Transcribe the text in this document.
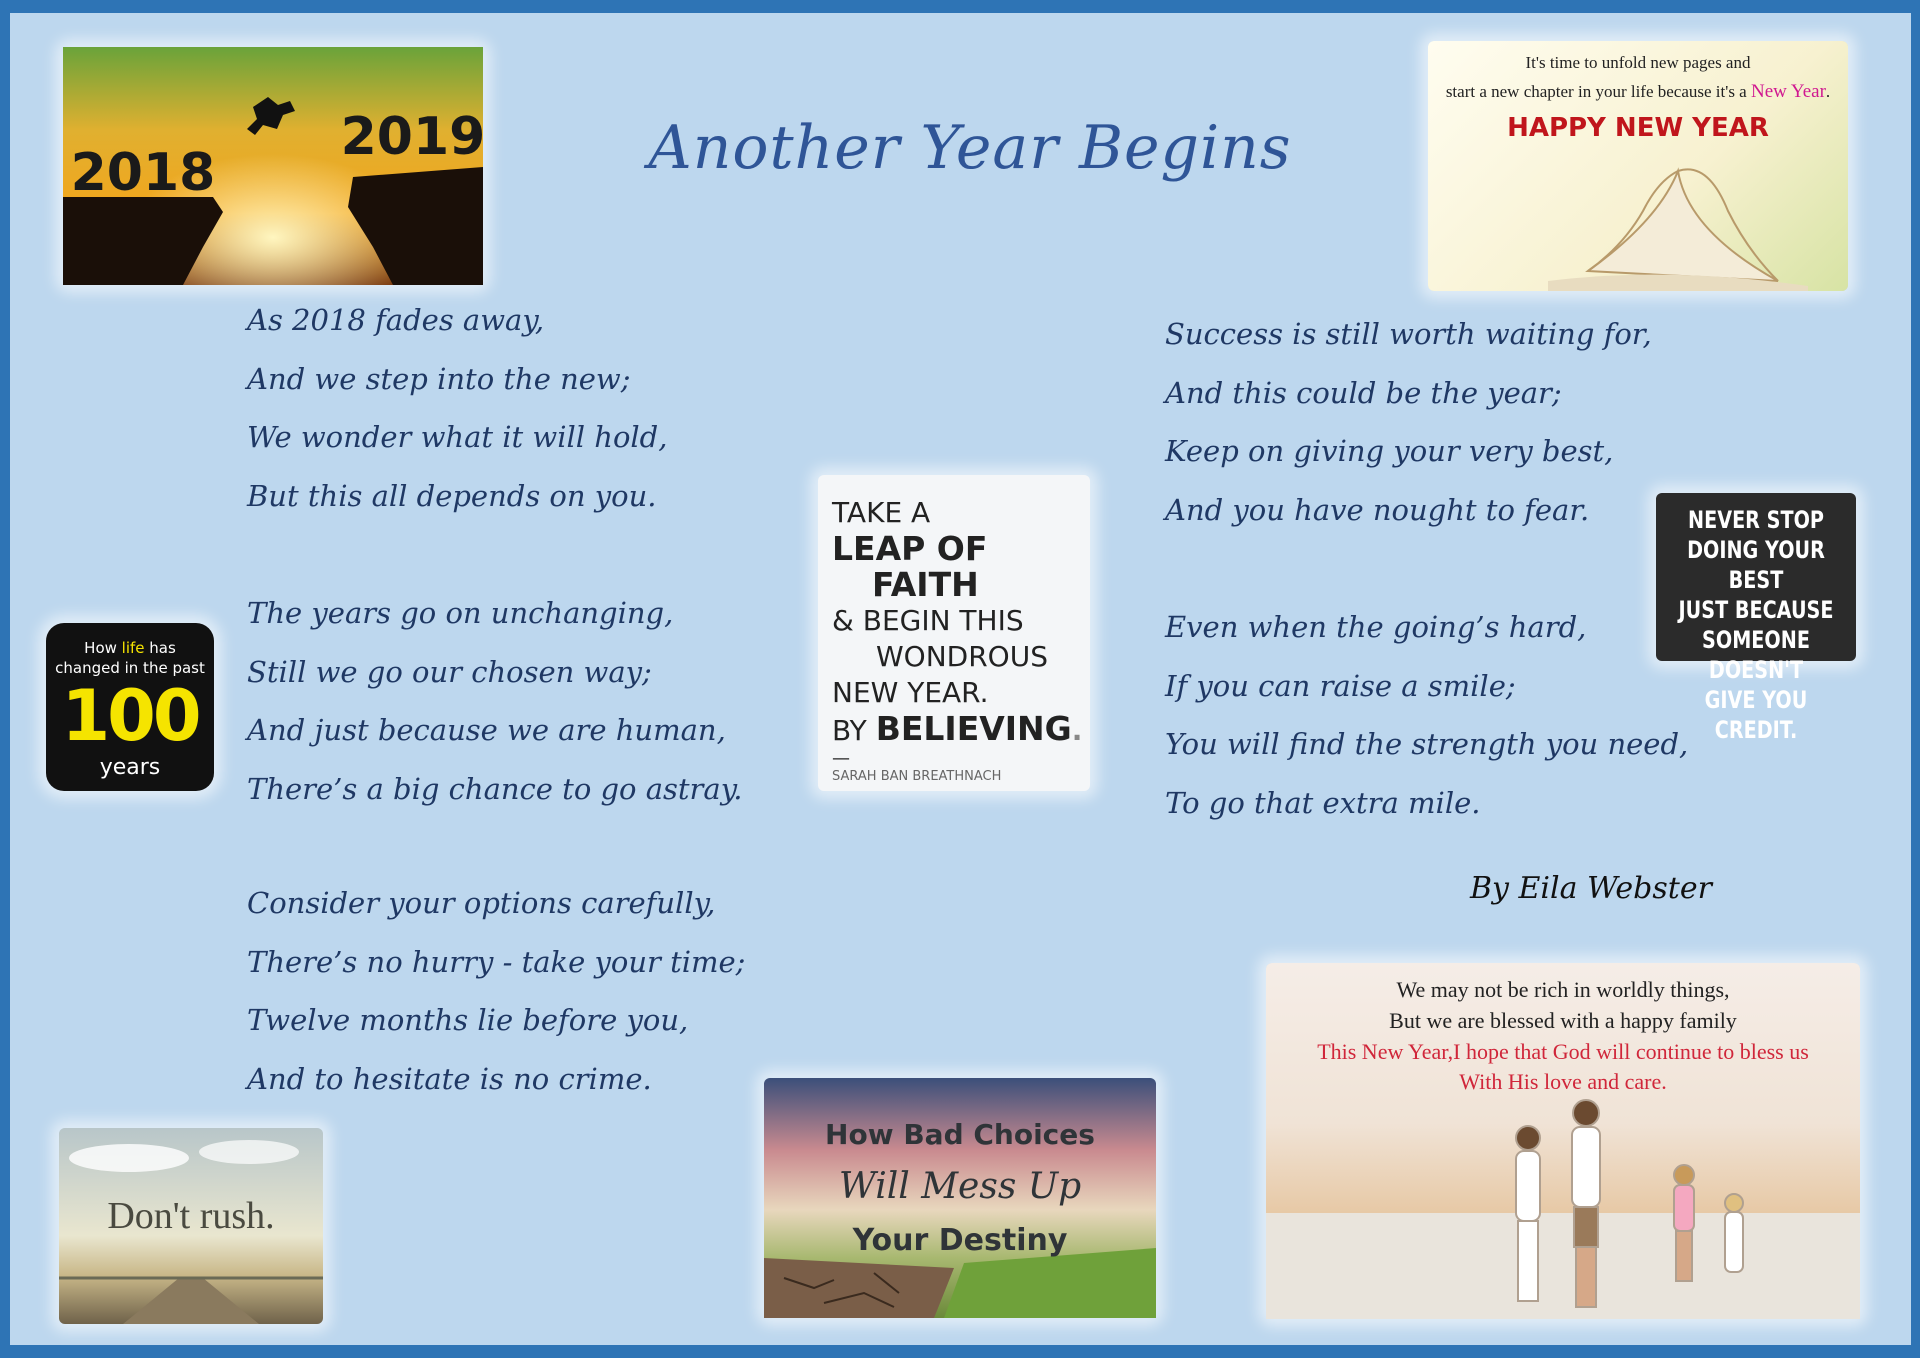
Another Year Begins
2018
2019
It's time to unfold new pages and
start a new chapter in your life because it's a New Year.
HAPPY NEW YEAR
As 2018 fades away,
And we step into the new;
We wonder what it will hold,
But this all depends on you.
The years go on unchanging,
Still we go our chosen way;
And just because we are human,
There’s a big chance to go astray.
Consider your options carefully,
There’s no hurry - take your time;
Twelve months lie before you,
And to hesitate is no crime.
Success is still worth waiting for,
And this could be the year;
Keep on giving your very best,
And you have nought to fear.
Even when the going’s hard,
If you can raise a smile;
You will find the strength you need,
To go that extra mile.
By Eila Webster
How life has
changed in the past
100
years
TAKE A
LEAP OF
FAITH
& BEGIN THIS
WONDROUS
NEW YEAR.
BY BELIEVING.
—
SARAH BAN BREATHNACH
NEVER STOP
DOING YOUR BEST
JUST BECAUSE
SOMEONE DOESN'T
GIVE YOU CREDIT.
Don't rush.
How Bad Choices
Will Mess Up
Your Destiny
We may not be rich in worldly things,
But we are blessed with a happy family
This New Year,I hope that God will continue to bless us
With His love and care.
